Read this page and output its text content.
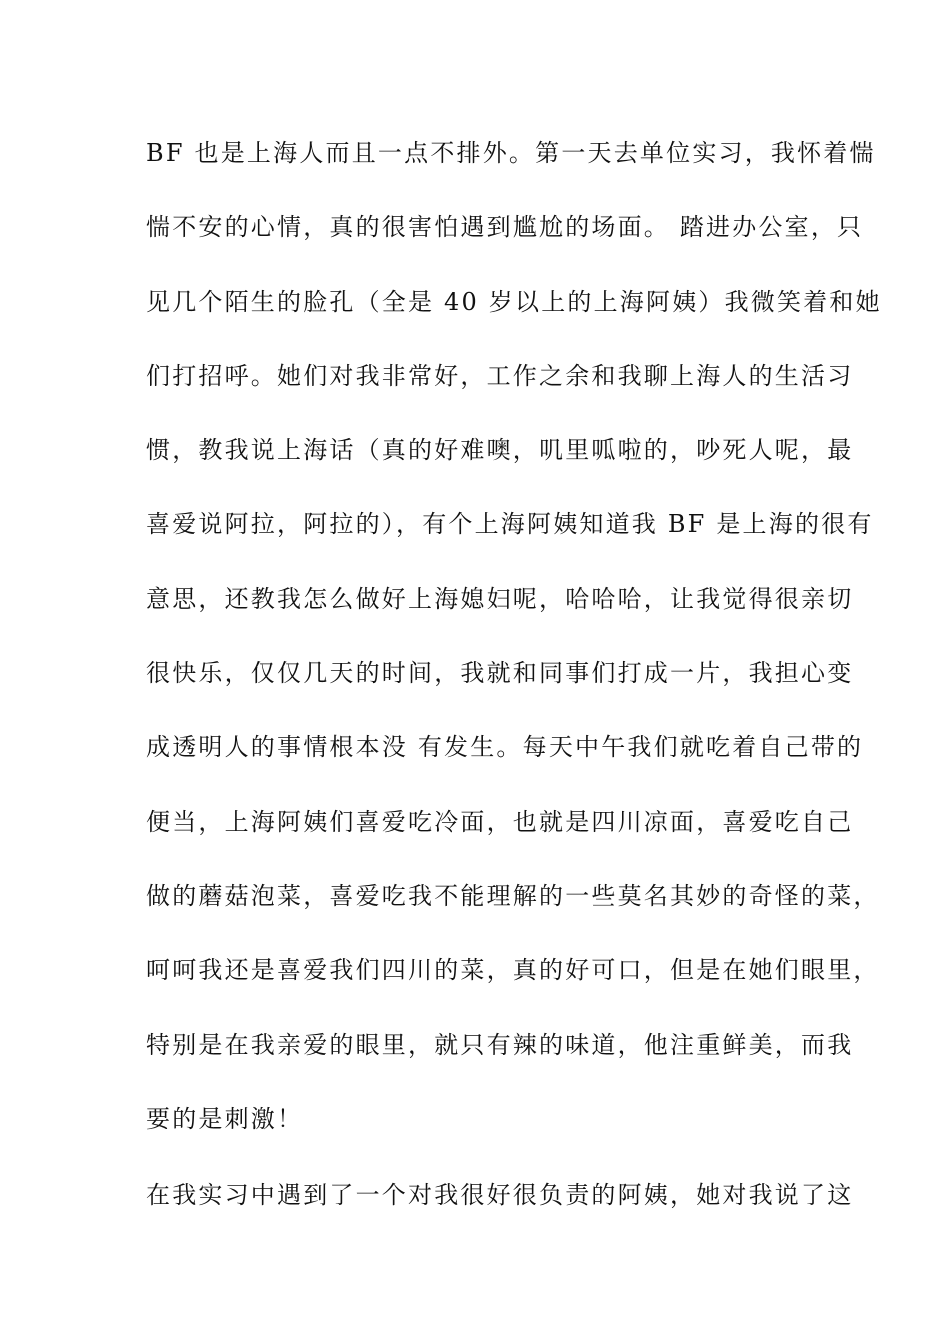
BF 也是上海人而且一点不排外。第一天去单位实习，我怀着惴
惴不安的心情，真的很害怕遇到尴尬的场面。 踏进办公室，只
见几个陌生的脸孔（全是 40 岁以上的上海阿姨）我微笑着和她
们打招呼。她们对我非常好，工作之余和我聊上海人的生活习
惯，教我说上海话（真的好难噢，叽里呱啦的，吵死人呢，最
喜爱说阿拉，阿拉的），有个上海阿姨知道我 BF 是上海的很有
意思，还教我怎么做好上海媳妇呢，哈哈哈，让我觉得很亲切
很快乐，仅仅几天的时间，我就和同事们打成一片，我担心变
成透明人的事情根本没 有发生。每天中午我们就吃着自己带的
便当，上海阿姨们喜爱吃冷面，也就是四川凉面，喜爱吃自己
做的蘑菇泡菜，喜爱吃我不能理解的一些莫名其妙的奇怪的菜，
呵呵我还是喜爱我们四川的菜，真的好可口，但是在她们眼里，
特别是在我亲爱的眼里，就只有辣的味道，他注重鲜美，而我
要的是刺激！
在我实习中遇到了一个对我很好很负责的阿姨，她对我说了这
